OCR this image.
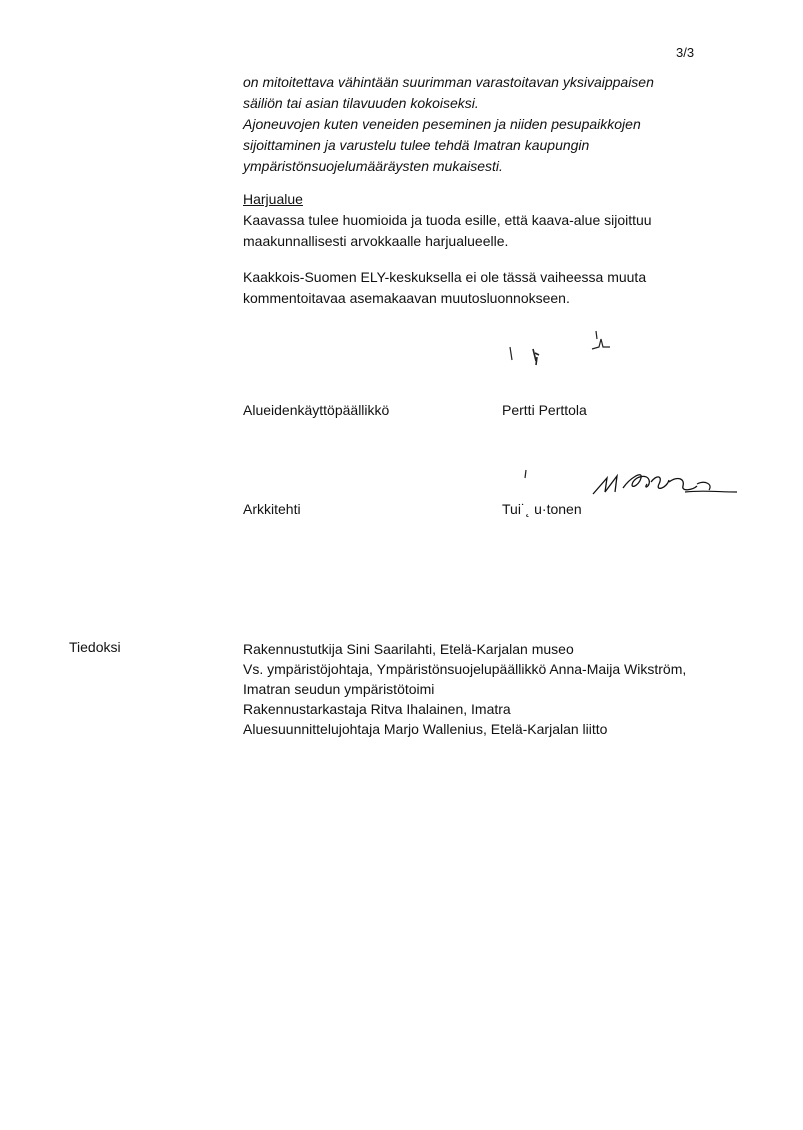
3/3
on mitoitettava vähintään suurimman varastoitavan yksivaippaisen
säiliön tai asian tilavuuden kokoiseksi.
Ajoneuvojen kuten veneiden peseminen ja niiden pesupaikkojen
sijoittaminen ja varustelu tulee tehdä Imatran kaupungin
ympäristönsuojelumääräysten mukaisesti.
Harjualue
Kaavassa tulee huomioida ja tuoda esille, että kaava-alue sijoittuu
maakunnallisesti arvokkaalle harjualueelle.
Kaakkois-Suomen ELY-keskuksella ei ole tässä vaiheessa muuta
kommentoitavaa asemakaavan muutosluonnokseen.
Alueidenkäyttöpäällikkö	Pertti Perttola
Arkkitehti	Tui˙˛ u·tonen
Tiedoksi	Rakennustutkija Sini Saarilahti, Etelä-Karjalan museo
Vs. ympäristöjohtaja, Ympäristönsuojelupäällikkö Anna-Maija Wikström,
Imatran seudun ympäristötoimi
Rakennustarkastaja Ritva Ihalainen, Imatra
Aluesuunnittelujohtaja Marjo Wallenius, Etelä-Karjalan liitto
